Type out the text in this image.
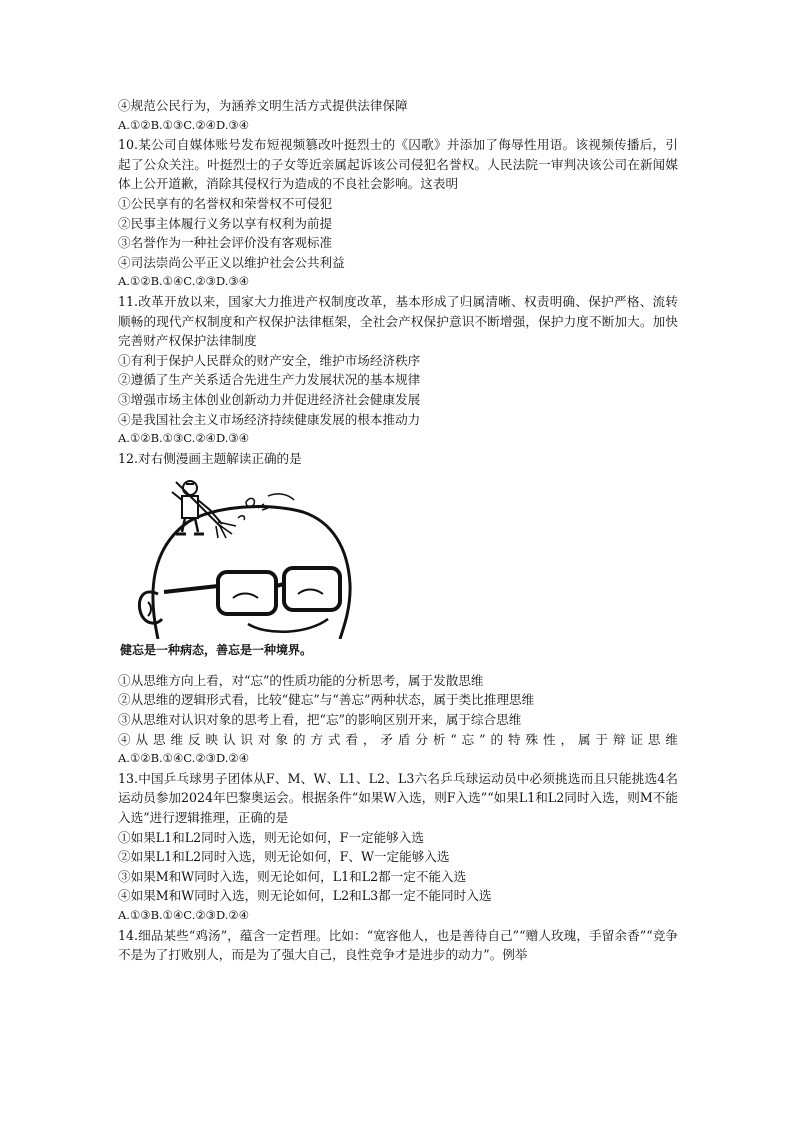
④规范公民行为，为涵养文明生活方式提供法律保障
A.①②B.①③C.②④D.③④
10.某公司自媒体账号发布短视频篡改叶挺烈士的《囚歌》并添加了侮辱性用语。该视频传播后，引起了公众关注。叶挺烈士的子女等近亲属起诉该公司侵犯名誉权。人民法院一审判决该公司在新闻媒体上公开道歉，消除其侵权行为造成的不良社会影响。这表明
①公民享有的名誉权和荣誉权不可侵犯
②民事主体履行义务以享有权利为前提
③名誉作为一种社会评价没有客观标准
④司法崇尚公平正义以维护社会公共利益
A.①②B.①④C.②③D.③④
11.改革开放以来，国家大力推进产权制度改革，基本形成了归属清晰、权责明确、保护严格、流转顺畅的现代产权制度和产权保护法律框架，全社会产权保护意识不断增强，保护力度不断加大。加快完善财产权保护法律制度
①有利于保护人民群众的财产安全，维护市场经济秩序
②遵循了生产关系适合先进生产力发展状况的基本规律
③增强市场主体创业创新动力并促进经济社会健康发展
④是我国社会主义市场经济持续健康发展的根本推动力
A.①②B.①③C.②④D.③④
12.对右侧漫画主题解读正确的是
健忘是一种病态，善忘是一种境界。
①从思维方向上看，对“忘”的性质功能的分析思考，属于发散思维
②从思维的逻辑形式看，比较“健忘”与“善忘”两种状态，属于类比推理思维
③从思维对认识对象的思考上看，把“忘”的影响区别开来，属于综合思维
④从思维反映认识对象的方式看，矛盾分析“忘”的特殊性，属于辩证思维
A.①②B.①④C.②③D.②④
13.中国乒乓球男子团体从F、M、W、L1、L2、L3六名乒乓球运动员中必须挑选而且只能挑选4名运动员参加2024年巴黎奥运会。根据条件“如果W入选，则F入选”“如果L1和L2同时入选，则M不能入选”进行逻辑推理，正确的是
①如果L1和L2同时入选，则无论如何，F一定能够入选
②如果L1和L2同时入选，则无论如何，F、W一定能够入选
③如果M和W同时入选，则无论如何，L1和L2都一定不能入选
④如果M和W同时入选，则无论如何，L2和L3都一定不能同时入选
A.①③B.①④C.②③D.②④
14.细品某些“鸡汤”，蕴含一定哲理。比如：“宽容他人，也是善待自己”“赠人玫瑰，手留余香”“竞争不是为了打败别人，而是为了强大自己，良性竞争才是进步的动力”。例举
